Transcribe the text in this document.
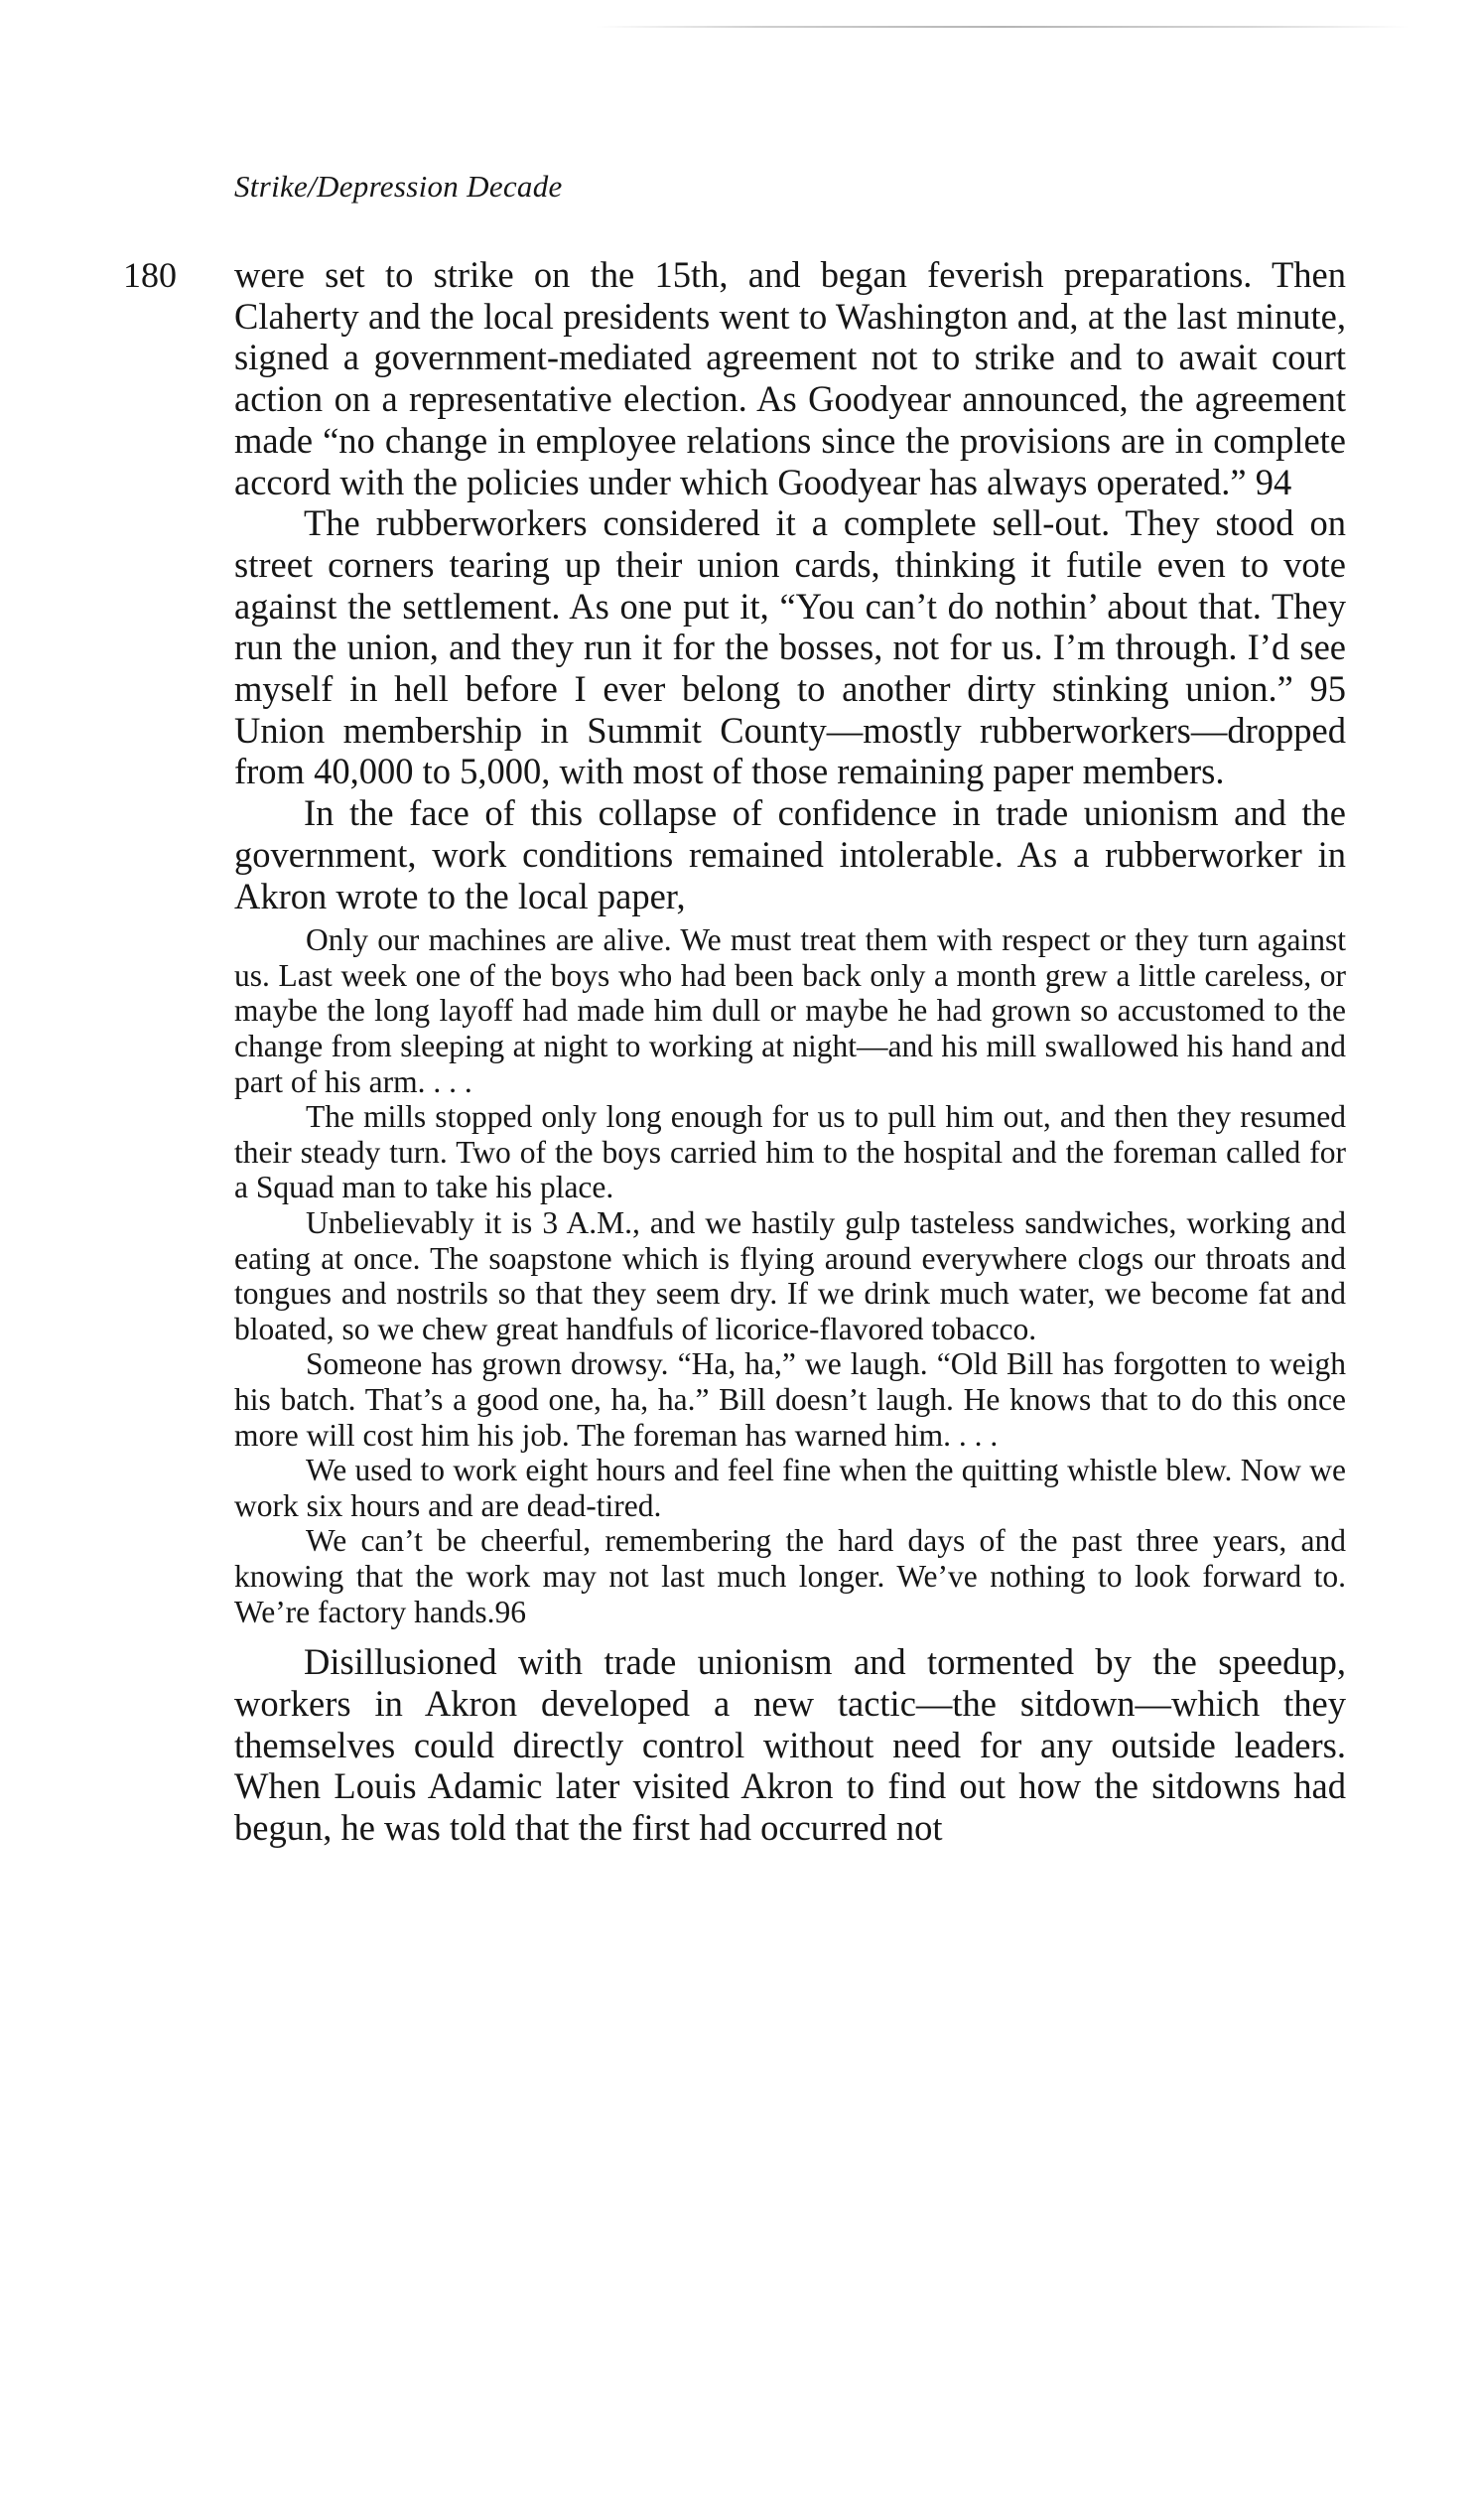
Strike/Depression Decade
180 were set to strike on the 15th, and began feverish preparations. Then Claherty and the local presidents went to Washington and, at the last minute, signed a government-mediated agreement not to strike and to await court action on a representative election. As Goodyear announced, the agreement made “no change in employee relations since the provisions are in complete accord with the policies under which Goodyear has always operated.” 94

The rubberworkers considered it a complete sell-out. They stood on street corners tearing up their union cards, thinking it futile even to vote against the settlement. As one put it, “You can’t do nothin’ about that. They run the union, and they run it for the bosses, not for us. I’m through. I’d see myself in hell before I ever belong to another dirty stinking union.” 95 Union membership in Summit County—mostly rubberworkers—dropped from 40,000 to 5,000, with most of those remaining paper members.

In the face of this collapse of confidence in trade unionism and the government, work conditions remained intolerable. As a rubberworker in Akron wrote to the local paper,

Only our machines are alive. We must treat them with respect or they turn against us. Last week one of the boys who had been back only a month grew a little careless, or maybe the long layoff had made him dull or maybe he had grown so accustomed to the change from sleeping at night to working at night—and his mill swallowed his hand and part of his arm. . . .

The mills stopped only long enough for us to pull him out, and then they resumed their steady turn. Two of the boys carried him to the hospital and the foreman called for a Squad man to take his place.

Unbelievably it is 3 A.M., and we hastily gulp tasteless sandwiches, working and eating at once. The soapstone which is flying around everywhere clogs our throats and tongues and nostrils so that they seem dry. If we drink much water, we become fat and bloated, so we chew great handfuls of licorice-flavored tobacco.

Someone has grown drowsy. “Ha, ha,” we laugh. “Old Bill has forgotten to weigh his batch. That’s a good one, ha, ha.” Bill doesn’t laugh. He knows that to do this once more will cost him his job. The foreman has warned him. . . .

We used to work eight hours and feel fine when the quitting whistle blew. Now we work six hours and are dead-tired.

We can’t be cheerful, remembering the hard days of the past three years, and knowing that the work may not last much longer. We’ve nothing to look forward to. We’re factory hands.96

Disillusioned with trade unionism and tormented by the speedup, workers in Akron developed a new tactic—the sitdown—which they themselves could directly control without need for any outside leaders. When Louis Adamic later visited Akron to find out how the sitdowns had begun, he was told that the first had occurred not
